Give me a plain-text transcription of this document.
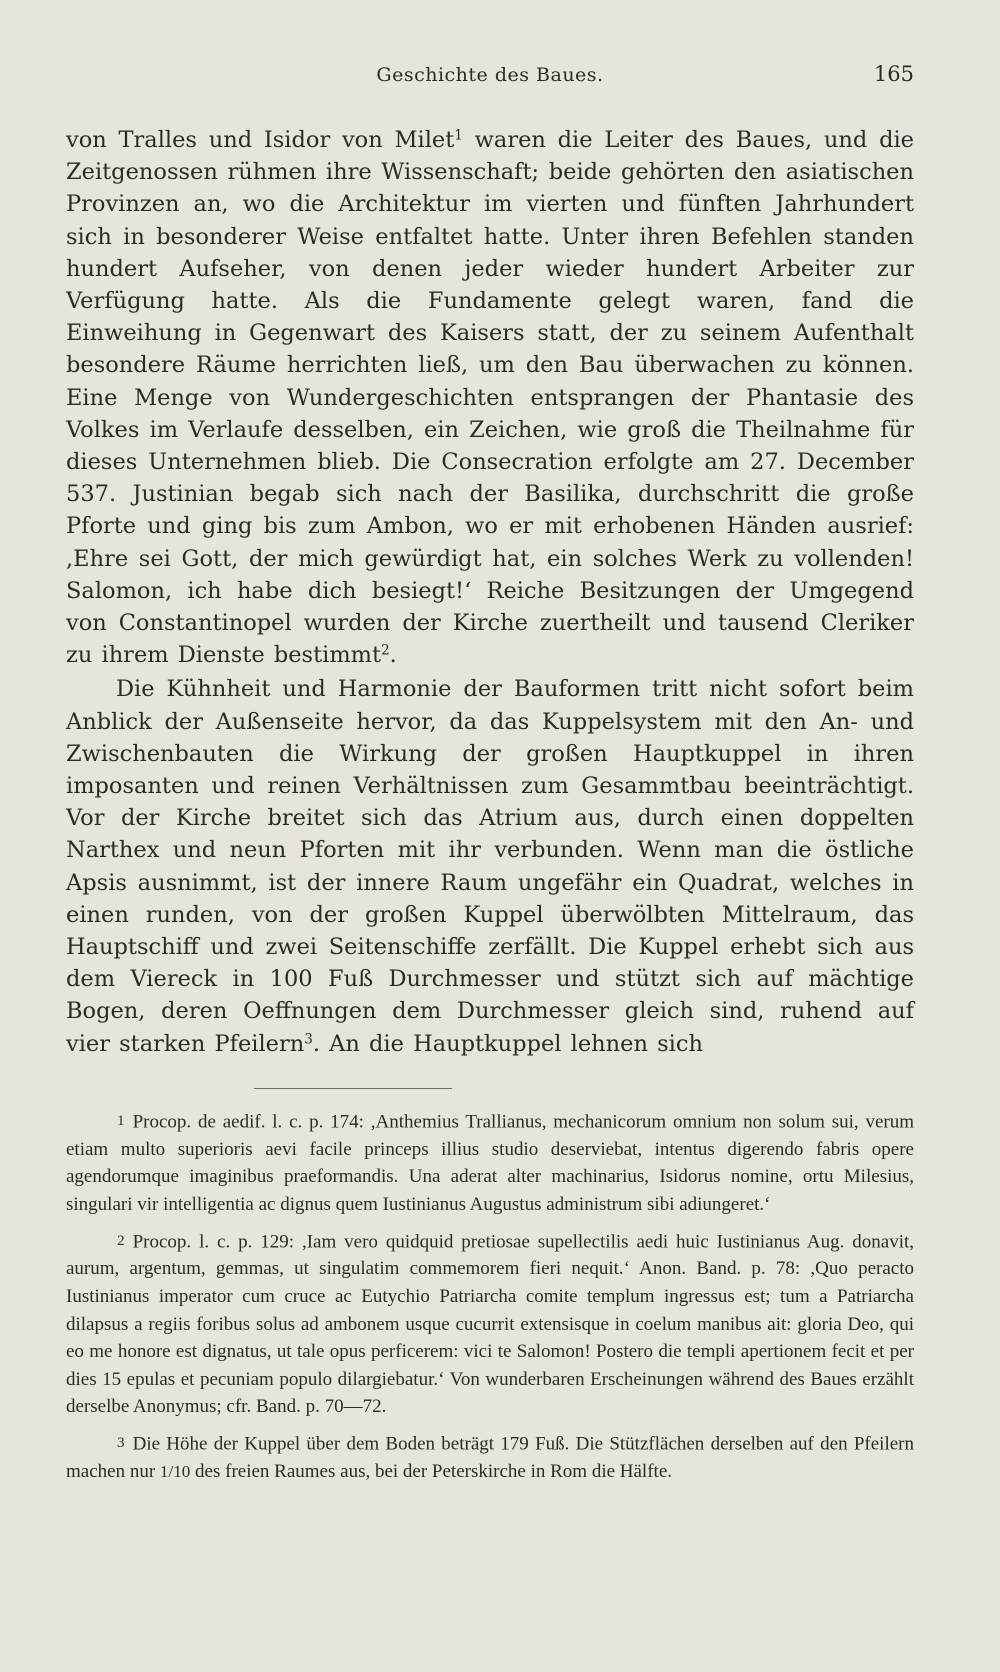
Geschichte des Baues.	165

von Tralles und Isidor von Milet$^1$ waren die Leiter des Baues, und die Zeitgenossen rühmen ihre Wissenschaft; beide gehörten den asiatischen Provinzen an, wo die Architektur im vierten und fünften Jahrhundert sich in besonderer Weise entfaltet hatte. Unter ihren Befehlen standen hundert Aufseher, von denen jeder wieder hundert Arbeiter zur Verfügung hatte. Als die Fundamente gelegt waren, fand die Einweihung in Gegenwart des Kaisers statt, der zu seinem Aufenthalt besondere Räume herrichten ließ, um den Bau überwachen zu können. Eine Menge von Wundergeschichten entsprangen der Phantasie des Volkes im Verlaufe desselben, ein Zeichen, wie groß die Theilnahme für dieses Unternehmen blieb. Die Consecration erfolgte am 27. December 537. Justinian begab sich nach der Basilika, durchschritt die große Pforte und ging bis zum Ambon, wo er mit erhobenen Händen ausrief: ,Ehre sei Gott, der mich gewürdigt hat, ein solches Werk zu vollenden! Salomon, ich habe dich besiegt!‘ Reiche Besitzungen der Umgegend von Constantinopel wurden der Kirche zuertheilt und tausend Cleriker zu ihrem Dienste bestimmt$^2$.

Die Kühnheit und Harmonie der Bauformen tritt nicht sofort beim Anblick der Außenseite hervor, da das Kuppelsystem mit den An- und Zwischenbauten die Wirkung der großen Hauptkuppel in ihren imposanten und reinen Verhältnissen zum Gesammtbau beeinträchtigt. Vor der Kirche breitet sich das Atrium aus, durch einen doppelten Narthex und neun Pforten mit ihr verbunden. Wenn man die östliche Apsis ausnimmt, ist der innere Raum ungefähr ein Quadrat, welches in einen runden, von der großen Kuppel überwölbten Mittelraum, das Hauptschiff und zwei Seitenschiffe zerfällt. Die Kuppel erhebt sich aus dem Viereck in 100 Fuß Durchmesser und stützt sich auf mächtige Bogen, deren Oeffnungen dem Durchmesser gleich sind, ruhend auf vier starken Pfeilern$^3$. An die Hauptkuppel lehnen sich

1 Procop. de aedif. l. c. p. 174: ,Anthemius Trallianus, mechanicorum omnium non solum sui, verum etiam multo superioris aevi facile princeps illius studio deserviebat, intentus digerendo fabris opere agendorumque imaginibus praeformandis. Una aderat alter machinarius, Isidorus nomine, ortu Milesius, singulari vir intelligentia ac dignus quem Iustinianus Augustus administrum sibi adiungeret.‘

2 Procop. l. c. p. 129: ,Iam vero quidquid pretiosae supellectilis aedi huic Iustinianus Aug. donavit, aurum, argentum, gemmas, ut singulatim commemorem fieri nequit.‘ Anon. Band. p. 78: ,Quo peracto Iustinianus imperator cum cruce ac Eutychio Patriarcha comite templum ingressus est; tum a Patriarcha dilapsus a regiis foribus solus ad ambonem usque cucurrit extensisque in coelum manibus ait: gloria Deo, qui eo me honore est dignatus, ut tale opus perficerem: vici te Salomon! Postero die templi apertionem fecit et per dies 15 epulas et pecuniam populo dilargiebatur.‘ Von wunderbaren Erscheinungen während des Baues erzählt derselbe Anonymus; cfr. Band. p. 70—72.

3 Die Höhe der Kuppel über dem Boden beträgt 179 Fuß. Die Stützflächen derselben auf den Pfeilern machen nur 1/10 des freien Raumes aus, bei der Peterskirche in Rom die Hälfte.
